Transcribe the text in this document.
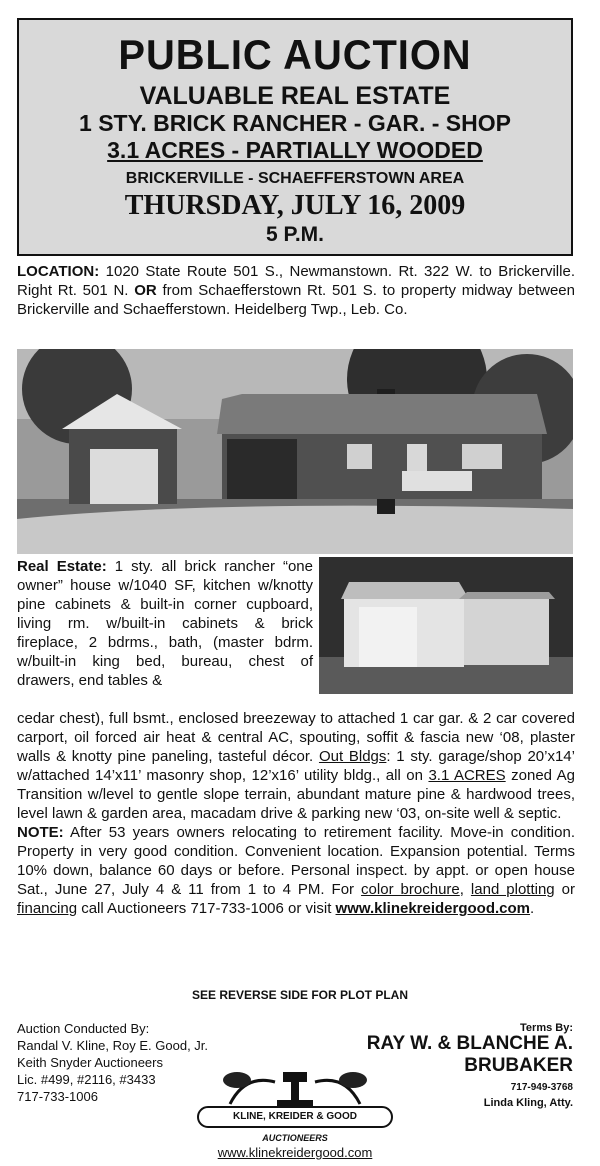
PUBLIC AUCTION
VALUABLE REAL ESTATE
1 STY. BRICK RANCHER - GAR. - SHOP
3.1 ACRES - PARTIALLY WOODED
BRICKERVILLE - SCHAEFFERSTOWN AREA
THURSDAY, JULY 16, 2009
5 P.M.
LOCATION: 1020 State Route 501 S., Newmanstown. Rt. 322 W. to Brickerville. Right Rt. 501 N. OR from Schaefferstown Rt. 501 S. to property midway between Brickerville and Schaefferstown. Heidelberg Twp., Leb. Co.
Real Estate: 1 sty. all brick rancher “one owner” house w/1040 SF, kitchen w/knotty pine cabinets & built-in corner cupboard, living rm. w/built-in cabinets & brick fireplace, 2 bdrms., bath, (master bdrm. w/built-in king bed, bureau, chest of drawers, end tables &
cedar chest), full bsmt., enclosed breezeway to attached 1 car gar. & 2 car covered carport, oil forced air heat & central AC, spouting, soffit & fascia new ‘08, plaster walls & knotty pine paneling, tasteful décor. Out Bldgs: 1 sty. garage/shop 20’x14’ w/attached 14’x11’ masonry shop, 12’x16’ utility bldg., all on 3.1 ACRES zoned Ag Transition w/level to gentle slope terrain, abundant mature pine & hardwood trees, level lawn & garden area, macadam drive & parking new ‘03, on-site well & septic.
NOTE: After 53 years owners relocating to retirement facility. Move-in condition. Property in very good condition. Convenient location. Expansion potential. Terms 10% down, balance 60 days or before. Personal inspect. by appt. or open house Sat., June 27, July 4 & 11 from 1 to 4 PM. For color brochure, land plotting or financing call Auctioneers 717-733-1006 or visit www.klinekreidergood.com.
SEE REVERSE SIDE FOR PLOT PLAN
Auction Conducted By:
Randal V. Kline, Roy E. Good, Jr.
Keith Snyder Auctioneers
Lic. #499, #2116, #3433
717-733-1006
Terms By:
RAY W. & BLANCHE A. BRUBAKER
717-949-3768
Linda Kling, Atty.
KLINE, KREIDER & GOOD
AUCTIONEERS
www.klinekreidergood.com
